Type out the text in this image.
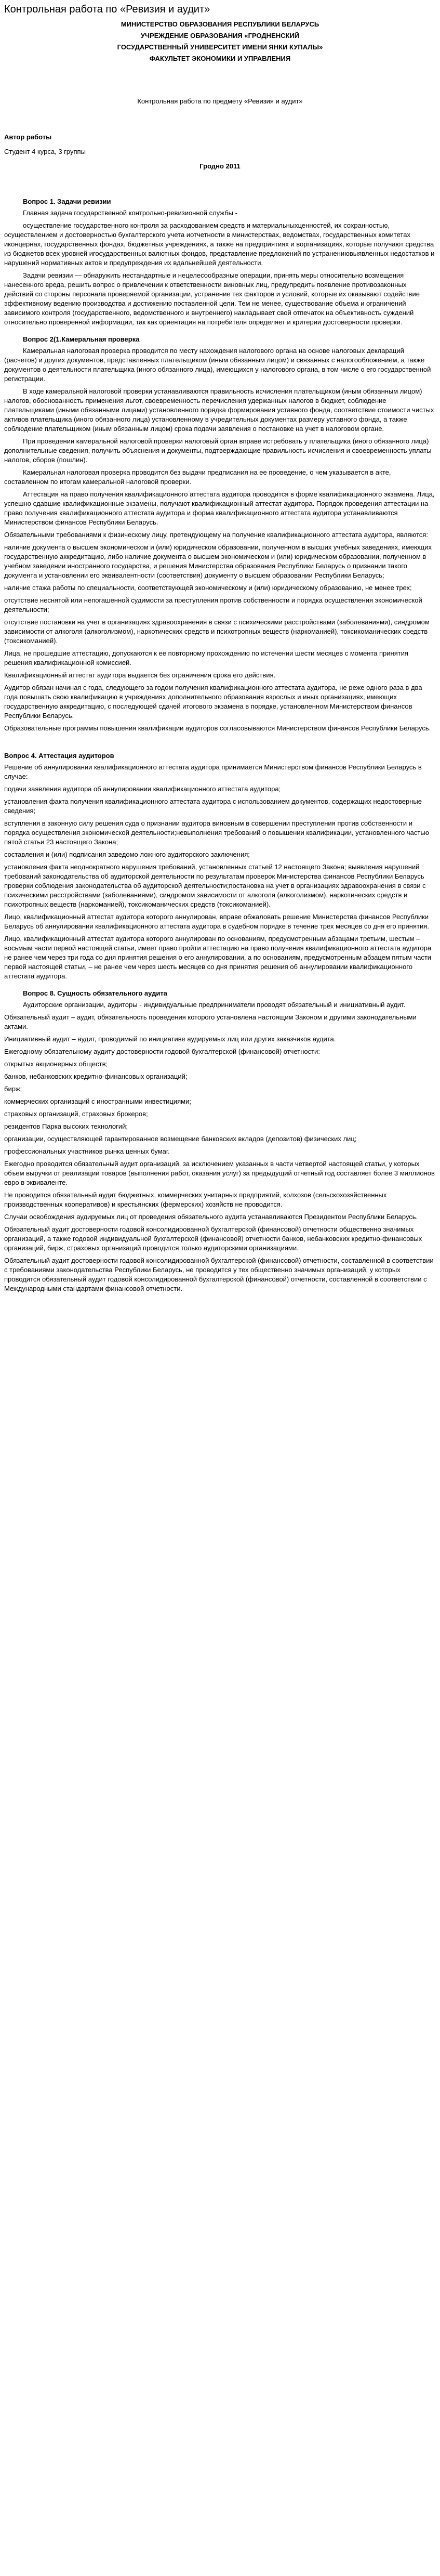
Контрольная работа по «Ревизия и аудит»
МИНИСТЕРСТВО ОБРАЗОВАНИЯ РЕСПУБЛИКИ БЕЛАРУСЬ
УЧРЕЖДЕНИЕ ОБРАЗОВАНИЯ «ГРОДНЕНСКИЙ
ГОСУДАРСТВЕННЫЙ УНИВЕРСИТЕТ ИМЕНИ ЯНКИ КУПАЛЫ»
ФАКУЛЬТЕТ ЭКОНОМИКИ И УПРАВЛЕНИЯ
Контрольная работа по предмету «Ревизия и аудит»
Автор работы
Студент 4 курса, 3 группы
Гродно 2011
Вопрос 1. Задачи ревизии

Главная задача государственной контрольно-ревизионной службы -

осуществление государственного контроля за расходованием средств и материальныхценностей, их сохранностью, осуществлением и достоверностью бухгалтерского учета иотчетности в министерствах, ведомствах, государственных комитетах иконцернах, государственных фондах, бюджетных учреждениях, а также на предприятиях и ворганизациях, которые получают средства из бюджетов всех уровней игосударственных валютных фондов, представление предложений по устранениювыявленных недостатков и нарушений нормативных актов и предупреждения их вдальнейшей деятельности.

Задачи ревизии — обнаружить нестандартные и нецелесообразные операции, принять меры относительно возмещения нанесенного вреда, решить вопрос о привлечении к ответственности виновных лиц, предупредить появление противозаконных действий со стороны персонала проверяемой организации, устранение тех факторов и условий, которые их оказывают содействие эффективному ведению производства и достижению поставленной цели. Тем не менее, существование объема и ограничений зависимого контроля (государственного, ведомственного и внутреннего) накладывает свой отпечаток на объективность суждений относительно проверенной информации, так как ориентация на потребителя определяет и критерии достоверности проверки.

Вопрос 2(1.Камеральная проверка

Камеральная налоговая проверка проводится по месту нахождения налогового органа на основе налоговых деклараций (расчетов) и других документов, представленных плательщиком (иным обязанным лицом) и связанных с налогообложением, а также документов о деятельности плательщика (иного обязанного лица), имеющихся у налогового органа, в том числе о его государственной регистрации.

В ходе камеральной налоговой проверки устанавливаются правильность исчисления плательщиком (иным обязанным лицом) налогов, обоснованность применения льгот, своевременность перечисления удержанных налогов в бюджет, соблюдение плательщиками (иными обязанными лицами) установленного порядка формирования уставного фонда, соответствие стоимости чистых активов плательщика (иного обязанного лица) установленному в учредительных документах размеру уставного фонда, а также соблюдение плательщиком (иным обязанным лицом) срока подачи заявления о постановке на учет в налоговом органе.

При проведении камеральной налоговой проверки налоговый орган вправе истребовать у плательщика (иного обязанного лица) дополнительные сведения, получить объяснения и документы, подтверждающие правильность исчисления и своевременность уплаты налогов, сборов (пошлин).

Камеральная налоговая проверка проводится без выдачи предписания на ее проведение, о чем указывается в акте, составленном по итогам камеральной налоговой проверки.

Аттестация на право получения квалификационного аттестата аудитора проводится в форме квалификационного экзамена. Лица, успешно сдавшие квалификационные экзамены, получают квалификационный аттестат аудитора. Порядок проведения аттестации на право получения квалификационного аттестата аудитора и форма квалификационного аттестата аудитора устанавливаются Министерством финансов Республики Беларусь.

Обязательными требованиями к физическому лицу, претендующему на получение квалификационного аттестата аудитора, являются:

наличие документа о высшем экономическом и (или) юридическом образовании, полученном в высших учебных заведениях, имеющих государственную аккредитацию, либо наличие документа о высшем экономическом и (или) юридическом образовании, полученном в учебном заведении иностранного государства, и решения Министерства образования Республики Беларусь о признании такого документа и установлении его эквивалентности (соответствия) документу о высшем образовании Республики Беларусь;

наличие стажа работы по специальности, соответствующей экономическому и (или) юридическому образованию, не менее трех;

отсутствие неснятой или непогашенной судимости за преступления против собственности и порядка осуществления экономической деятельности;

отсутствие постановки на учет в организациях здравоохранения в связи с психическими расстройствами (заболеваниями), синдромом зависимости от алкоголя (алкоголизмом), наркотических средств и психотропных веществ (наркоманией), токсикоманических средств (токсикоманией).

Лица, не прошедшие аттестацию, допускаются к ее повторному прохождению по истечении шести месяцев с момента принятия решения квалификационной комиссией.

Квалификационный аттестат аудитора выдается без ограничения срока его действия.

Аудитор обязан начиная с года, следующего за годом получения квалификационного аттестата аудитора, не реже одного раза в два года повышать свою квалификацию в учреждениях дополнительного образования взрослых и иных организациях, имеющих государственную аккредитацию, с последующей сдачей итогового экзамена в порядке, установленном Министерством финансов Республики Беларусь.

Образовательные программы повышения квалификации аудиторов согласовываются Министерством финансов Республики Беларусь.

Вопрос 4. Аттестация аудиторов

Решение об аннулировании квалификационного аттестата аудитора принимается Министерством финансов Республики Беларусь в случае:

подачи заявления аудитора об аннулировании квалификационного аттестата аудитора;

установления факта получения квалификационного аттестата аудитора с использованием документов, содержащих недостоверные сведения;

вступления в законную силу решения суда о признании аудитора виновным в совершении преступления против собственности и порядка осуществления экономической деятельности;невыполнения требований о повышении квалификации, установленного частью пятой статьи 23 настоящего Закона;

составления и (или) подписания заведомо ложного аудиторского заключения;

установления факта неоднократного нарушения требований, установленных статьей 12 настоящего Закона; выявления нарушений требований законодательства об аудиторской деятельности по результатам проверок Министерства финансов Республики Беларусь проверки соблюдения законодательства об аудиторской деятельности;постановка на учет в организациях здравоохранения в связи с психическими расстройствами (заболеваниями), синдромом зависимости от алкоголя (алкоголизмом), наркотических средств и психотропных веществ (наркоманией), токсикоманических средств (токсикоманией).

Лицо, квалификационный аттестат аудитора которого аннулирован, вправе обжаловать решение Министерства финансов Республики Беларусь об аннулировании квалификационного аттестата аудитора в судебном порядке в течение трех месяцев со дня его принятия.

Лицо, квалификационный аттестат аудитора которого аннулирован по основаниям, предусмотренным абзацами третьим, шестым – восьмым части первой настоящей статьи, имеет право пройти аттестацию на право получения квалификационного аттестата аудитора не ранее чем через три года со дня принятия решения о его аннулировании, а по основаниям, предусмотренным абзацем пятым части первой настоящей статьи, – не ранее чем через шесть месяцев со дня принятия решения об аннулировании квалификационного аттестата аудитора.

Вопрос 8. Сущность обязательного аудита

Аудиторские организации, аудиторы - индивидуальные предприниматели проводят обязательный и инициативный аудит.

Обязательный аудит – аудит, обязательность проведения которого установлена настоящим Законом и другими законодательными актами.

Инициативный аудит – аудит, проводимый по инициативе аудируемых лиц или других заказчиков аудита.

Ежегодному обязательному аудиту достоверности годовой бухгалтерской (финансовой) отчетности:

открытых акционерных обществ;

банков, небанковских кредитно-финансовых организаций;

бирж;

коммерческих организаций с иностранными инвестициями;

страховых организаций, страховых брокеров;

резидентов Парка высоких технологий;

организации, осуществляющей гарантированное возмещение банковских вкладов (депозитов) физических лиц;

профессиональных участников рынка ценных бумаг.

Ежегодно проводится обязательный аудит организаций, за исключением указанных в части четвертой настоящей статьи, у которых объем выручки от реализации товаров (выполнения работ, оказания услуг) за предыдущий отчетный год составляет более 3 миллионов евро в эквиваленте.

Не проводится обязательный аудит бюджетных, коммерческих унитарных предприятий, колхозов (сельскохозяйственных производственных кооперативов) и крестьянских (фермерских) хозяйств не проводится.

Случаи освобождения аудируемых лиц от проведения обязательного аудита устанавливаются Президентом Республики Беларусь.

Обязательный аудит достоверности годовой консолидированной бухгалтерской (финансовой) отчетности общественно значимых организаций, а также годовой индивидуальной бухгалтерской (финансовой) отчетности банков, небанковских кредитно-финансовых организаций, бирж, страховых организаций проводится только аудиторскими организациями.

Обязательный аудит достоверности годовой консолидированной бухгалтерской (финансовой) отчетности, составленной в соответствии с требованиями законодательства Республики Беларусь, не проводится у тех общественно значимых организаций, у которых проводится обязательный аудит годовой консолидированной бухгалтерской (финансовой) отчетности, составленной в соответствии с Международными стандартами финансовой отчетности.
